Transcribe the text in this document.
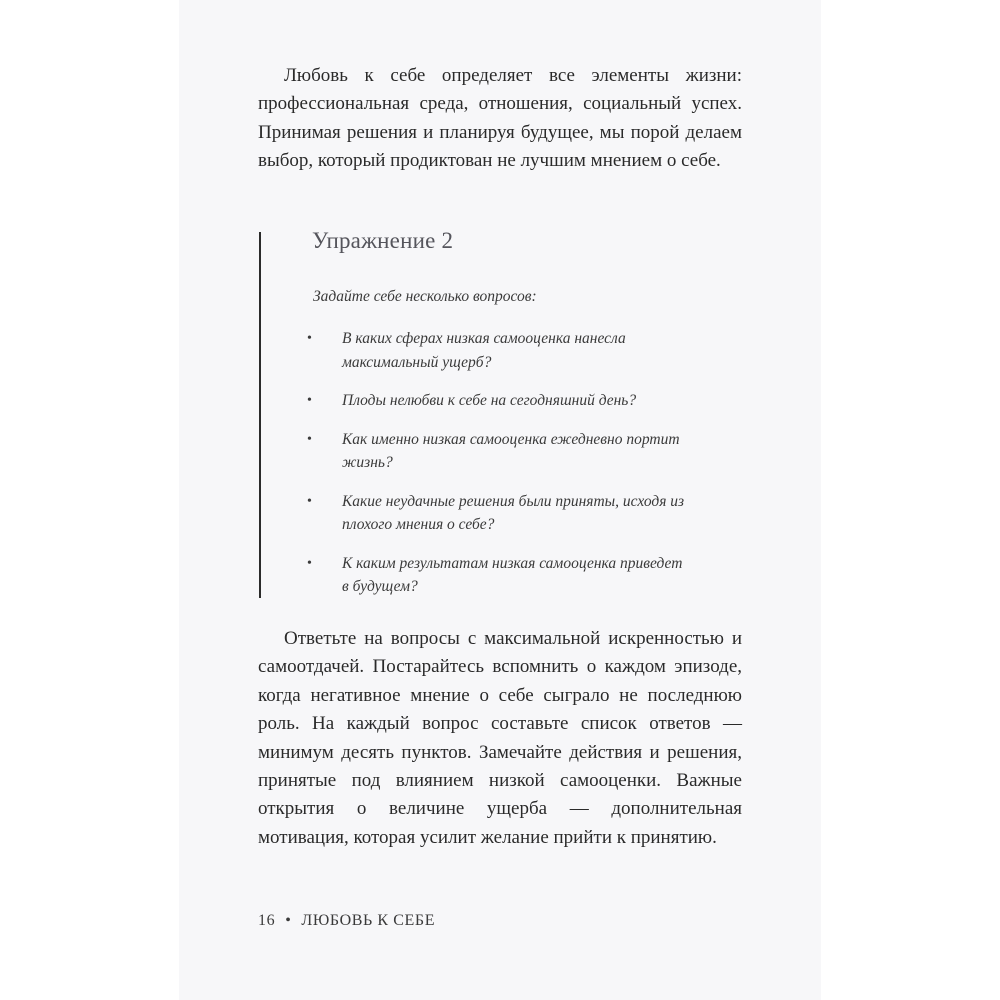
Любовь к себе определяет все элементы жизни: профессиональная среда, отношения, социальный успех. Принимая решения и планируя будущее, мы порой делаем выбор, который продиктован не лучшим мнением о себе.

Упражнение 2

Задайте себе несколько вопросов:

• В каких сферах низкая самооценка нанесла максимальный ущерб?
• Плоды нелюбви к себе на сегодняшний день?
• Как именно низкая самооценка ежедневно портит жизнь?
• Какие неудачные решения были приняты, исходя из плохого мнения о себе?
• К каким результатам низкая самооценка приведет в будущем?

Ответьте на вопросы с максимальной искренностью и самоотдачей. Постарайтесь вспомнить о каждом эпизоде, когда негативное мнение о себе сыграло не последнюю роль. На каждый вопрос составьте список ответов — минимум десять пунктов. Замечайте действия и решения, принятые под влиянием низкой самооценки. Важные открытия о величине ущерба — дополнительная мотивация, которая усилит желание прийти к принятию.

16 • ЛЮБОВЬ К СЕБЕ
